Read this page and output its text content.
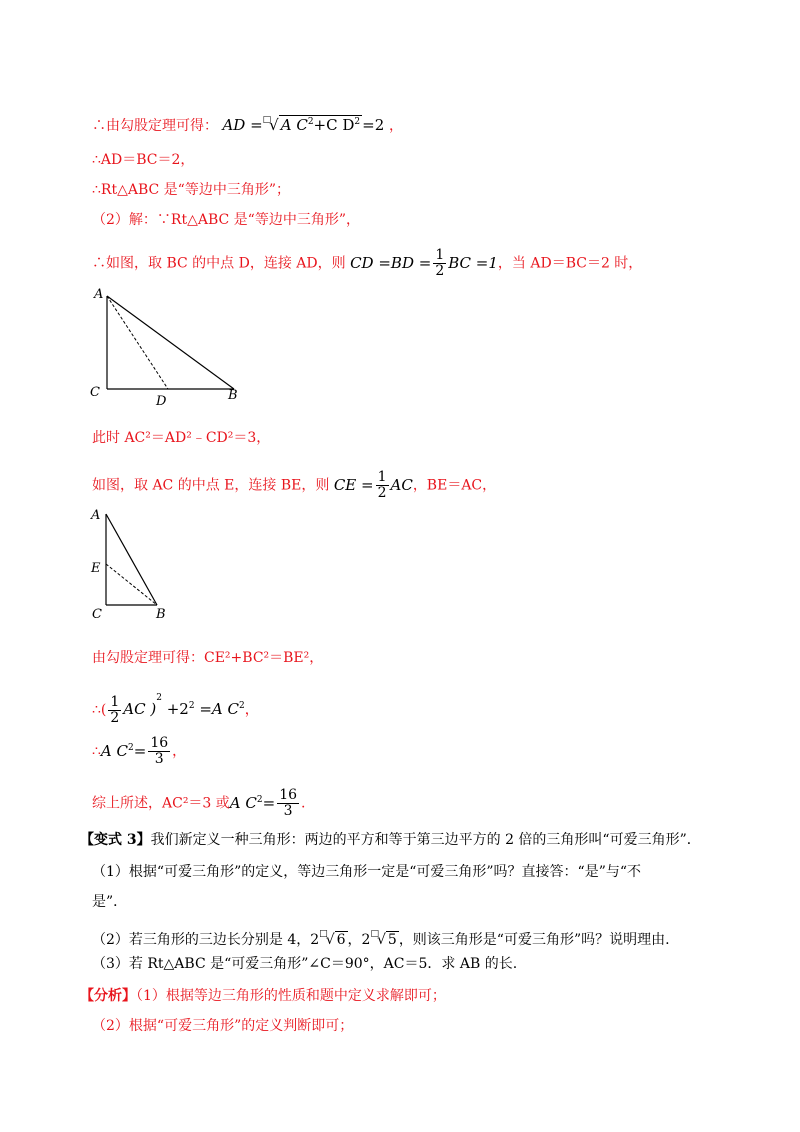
∴由勾股定理可得： AD =□√ A $C^2+C$ $D^2 =2$ ，
∴AD＝BC＝2，
∴Rt△ABC 是“等边中三角形”；
（2）解：∵Rt△ABC 是“等边中三角形”，
∴如图，取 BC 的中点 D，连接 AD，则 CD $=BD = \frac{1}{2}$ BC =1，当 AD＝BC＝2 时，
A
C
D	B
此时 AC²＝AD²﹣CD²＝3，
如图，取 AC 的中点 E，连接 BE，则 CE = $\frac{1}{2}$ AC，BE＝AC，
A
E
C	B
由勾股定理可得：CE²+BC²＝BE²，
∴( $\frac{1}{2}$ AC )$^2 +2^2 =A$ $C^2$，
∴A $C^2= \frac{16}{3}$ ，
综上所述，AC²＝3 或A $C^2= \frac{16}{3}$ .
【变式 3】我们新定义一种三角形：两边的平方和等于第三边平方的 2 倍的三角形叫“可爱三角形”．
（1）根据“可爱三角形”的定义，等边三角形一定是“可爱三角形”吗？直接答：“是”与“不
是”．
（2）若三角形的三边长分别是 4，2□√ 6 ，2□√ 5 ，则该三角形是“可爱三角形”吗？说明理由.
（3）若 Rt△ABC 是“可爱三角形”∠C＝90°，AC＝5．求 AB 的长.
【分析】（1）根据等边三角形的性质和题中定义求解即可；
（2）根据“可爱三角形”的定义判断即可；
